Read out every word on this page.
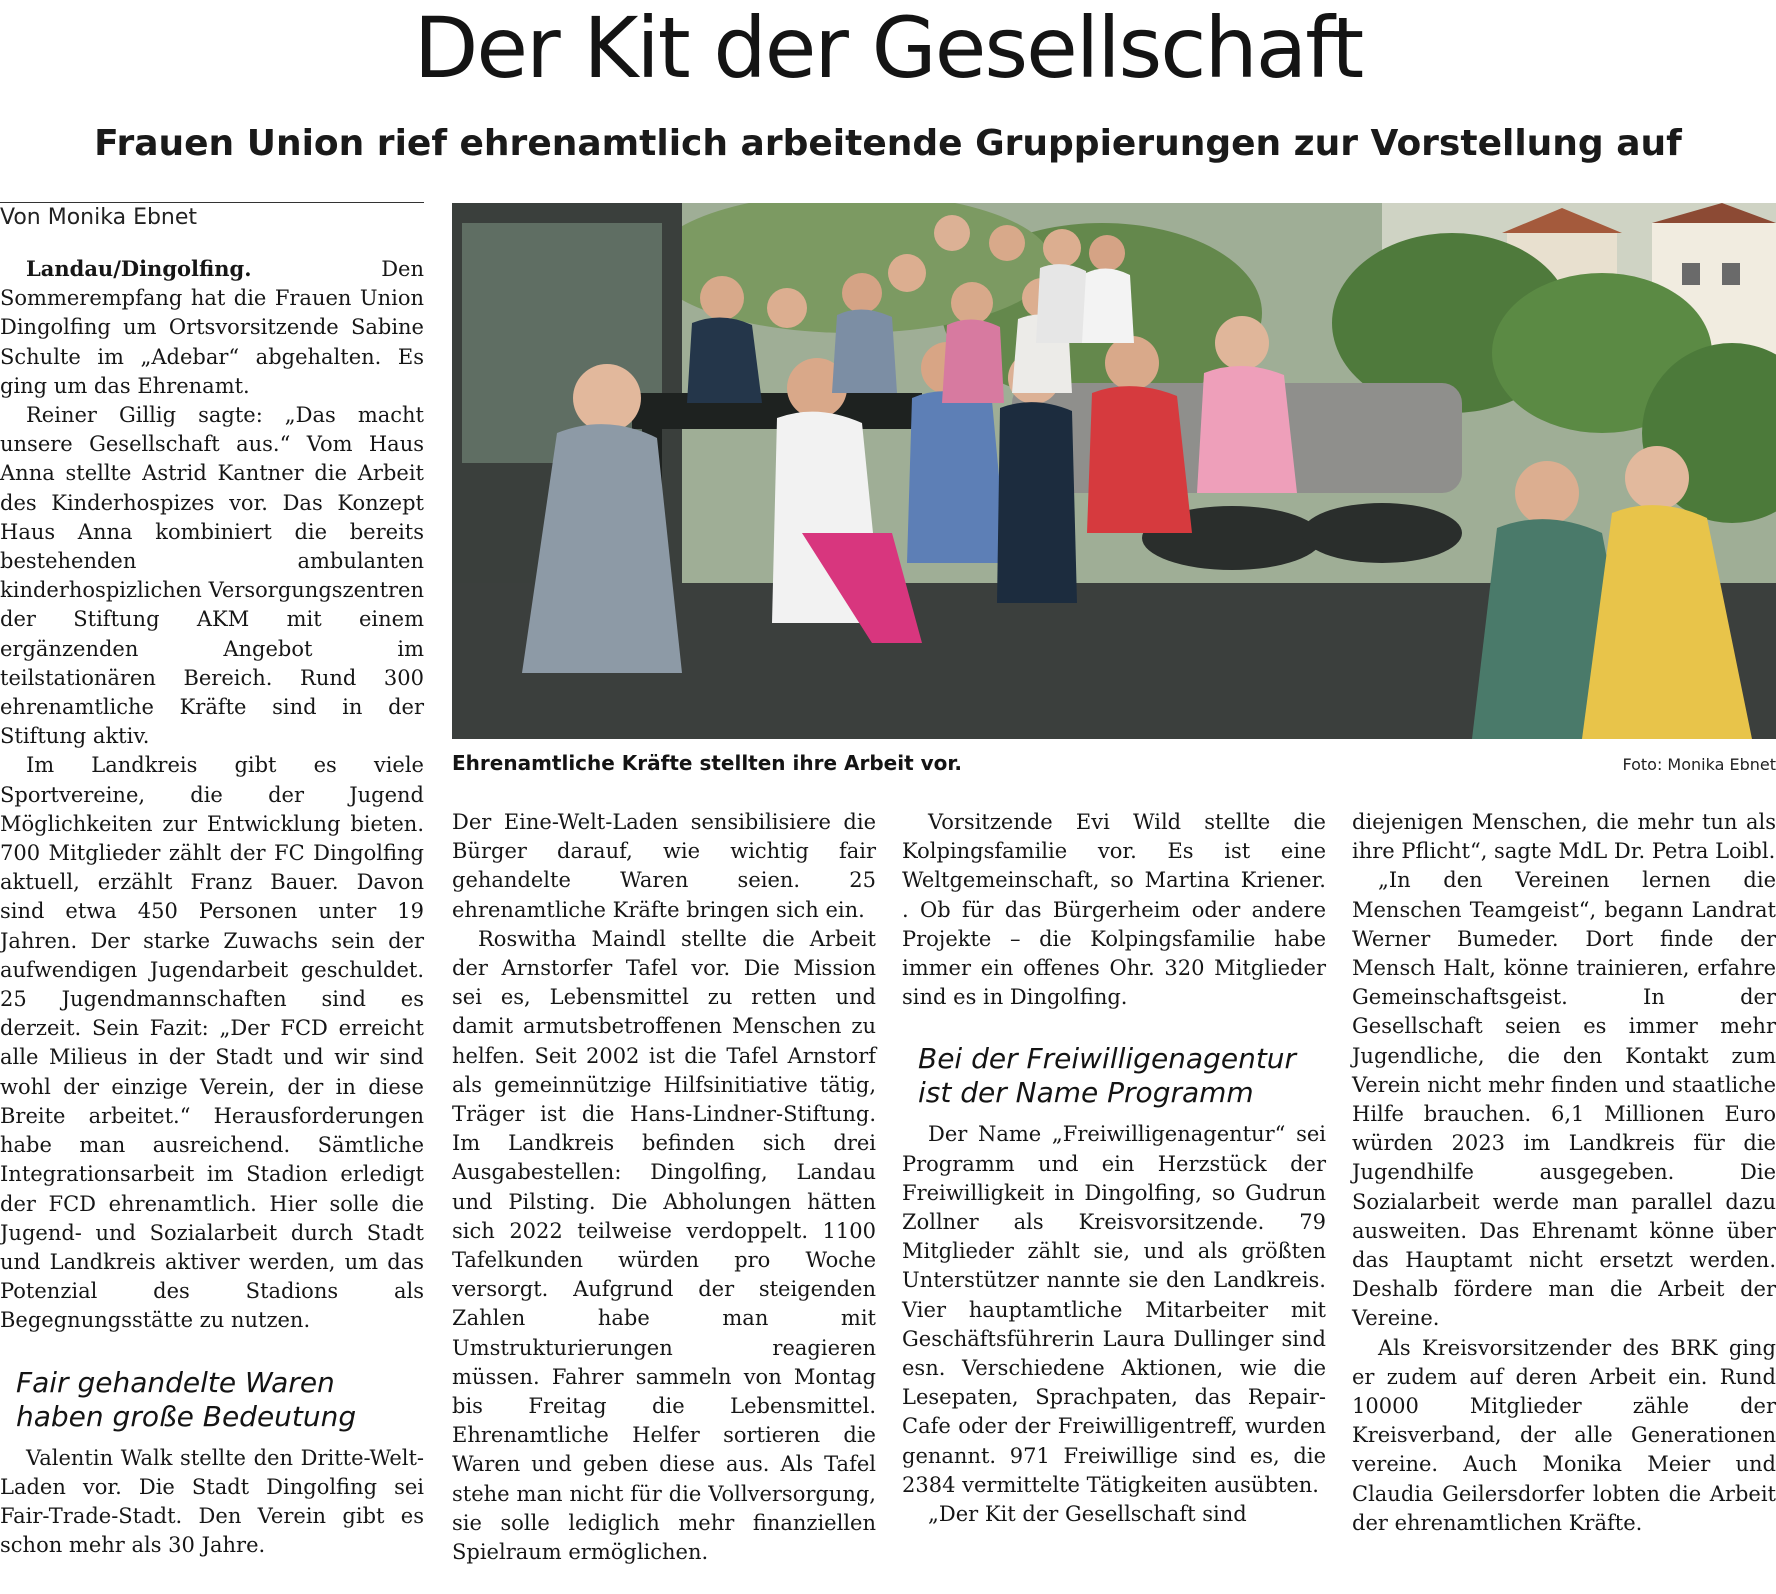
Der Kit der Gesellschaft
Frauen Union rief ehrenamtlich arbeitende Gruppierungen zur Vorstellung auf
Von Monika Ebnet

Landau/Dingolfing.	Den Sommerempfang hat die Frauen Union Dingolfing um Ortsvorsitzende Sabine Schulte im „Adebar“ abgehalten. Es ging um das Ehrenamt.

Reiner Gillig sagte: „Das macht unsere Gesellschaft aus.“ Vom Haus Anna stellte Astrid Kantner die Arbeit des Kinderhospizes vor. Das Konzept Haus Anna kombiniert die bereits bestehenden ambulanten kinderhospizlichen Versorgungszentren der Stiftung AKM mit einem ergänzenden Angebot im teilstationären Bereich. Rund 300 ehrenamtliche Kräfte sind in der Stiftung aktiv.

Im Landkreis gibt es viele Sportvereine, die der Jugend Möglichkeiten zur Entwicklung bieten. 700 Mitglieder zählt der FC Dingolfing aktuell, erzählt Franz Bauer. Davon sind etwa 450 Personen unter 19 Jahren. Der starke Zuwachs sein der aufwendigen Jugendarbeit geschuldet. 25 Jugendmannschaften sind es derzeit. Sein Fazit: „Der FCD erreicht alle Milieus in der Stadt und wir sind wohl der einzige Verein, der in diese Breite arbeitet.“ Herausforderungen habe man ausreichend. Sämtliche Integrationsarbeit im Stadion erledigt der FCD ehrenamtlich. Hier solle die Jugend- und Sozialarbeit durch Stadt und Landkreis aktiver werden, um das Potenzial des Stadions als Begegnungsstätte zu nutzen.

Fair gehandelte Waren haben große Bedeutung

Valentin Walk stellte den Dritte-Welt-Laden vor. Die Stadt Dingolfing sei Fair-Trade-Stadt. Den Verein gibt es schon mehr als 30 Jahre.

Ehrenamtliche Kräfte stellten ihre Arbeit vor.	Foto: Monika Ebnet

Der Eine-Welt-Laden sensibilisiere die Bürger darauf, wie wichtig fair gehandelte Waren seien. 25 ehrenamtliche Kräfte bringen sich ein.

Roswitha Maindl stellte die Arbeit der Arnstorfer Tafel vor. Die Mission sei es, Lebensmittel zu retten und damit armutsbetroffenen Menschen zu helfen. Seit 2002 ist die Tafel Arnstorf als gemeinnützige Hilfsinitiative tätig, Träger ist die Hans-Lindner-Stiftung. Im Landkreis befinden sich drei Ausgabestellen: Dingolfing, Landau und Pilsting. Die Abholungen hätten sich 2022 teilweise verdoppelt. 1100 Tafelkunden würden pro Woche versorgt. Aufgrund der steigenden Zahlen habe man mit Umstrukturierungen reagieren müssen. Fahrer sammeln von Montag bis Freitag die Lebensmittel. Ehrenamtliche Helfer sortieren die Waren und geben diese aus. Als Tafel stehe man nicht für die Vollversorgung, sie solle lediglich mehr finanziellen Spielraum ermöglichen.

Vorsitzende Evi Wild stellte die Kolpingsfamilie vor. Es ist eine Weltgemeinschaft, so Martina Kriener. . Ob für das Bürgerheim oder andere Projekte – die Kolpingsfamilie habe immer ein offenes Ohr. 320 Mitglieder sind es in Dingolfing.

Bei der Freiwilligenagentur ist der Name Programm

Der Name „Freiwilligenagentur“ sei Programm und ein Herzstück der Freiwilligkeit in Dingolfing, so Gudrun Zollner als Kreisvorsitzende. 79 Mitglieder zählt sie, und als größten Unterstützer nannte sie den Landkreis. Vier hauptamtliche Mitarbeiter mit Geschäftsführerin Laura Dullinger sind esn. Verschiedene Aktionen, wie die Lesepaten, Sprachpaten, das Repair-Cafe oder der Freiwilligentreff, wurden genannt. 971 Freiwillige sind es, die 2384 vermittelte Tätigkeiten ausübten.

„Der Kit der Gesellschaft sind

diejenigen Menschen, die mehr tun als ihre Pflicht“, sagte MdL Dr. Petra Loibl.

„In den Vereinen lernen die Menschen Teamgeist“, begann Landrat Werner Bumeder. Dort finde der Mensch Halt, könne trainieren, erfahre Gemeinschaftsgeist. In der Gesellschaft seien es immer mehr Jugendliche, die den Kontakt zum Verein nicht mehr finden und staatliche Hilfe brauchen. 6,1 Millionen Euro würden 2023 im Landkreis für die Jugendhilfe ausgegeben. Die Sozialarbeit werde man parallel dazu ausweiten. Das Ehrenamt könne über das Hauptamt nicht ersetzt werden. Deshalb fördere man die Arbeit der Vereine.

Als Kreisvorsitzender des BRK ging er zudem auf deren Arbeit ein. Rund 10000 Mitglieder zähle der Kreisverband, der alle Generationen vereine. Auch Monika Meier und Claudia Geilersdorfer lobten die Arbeit der ehrenamtlichen Kräfte.
